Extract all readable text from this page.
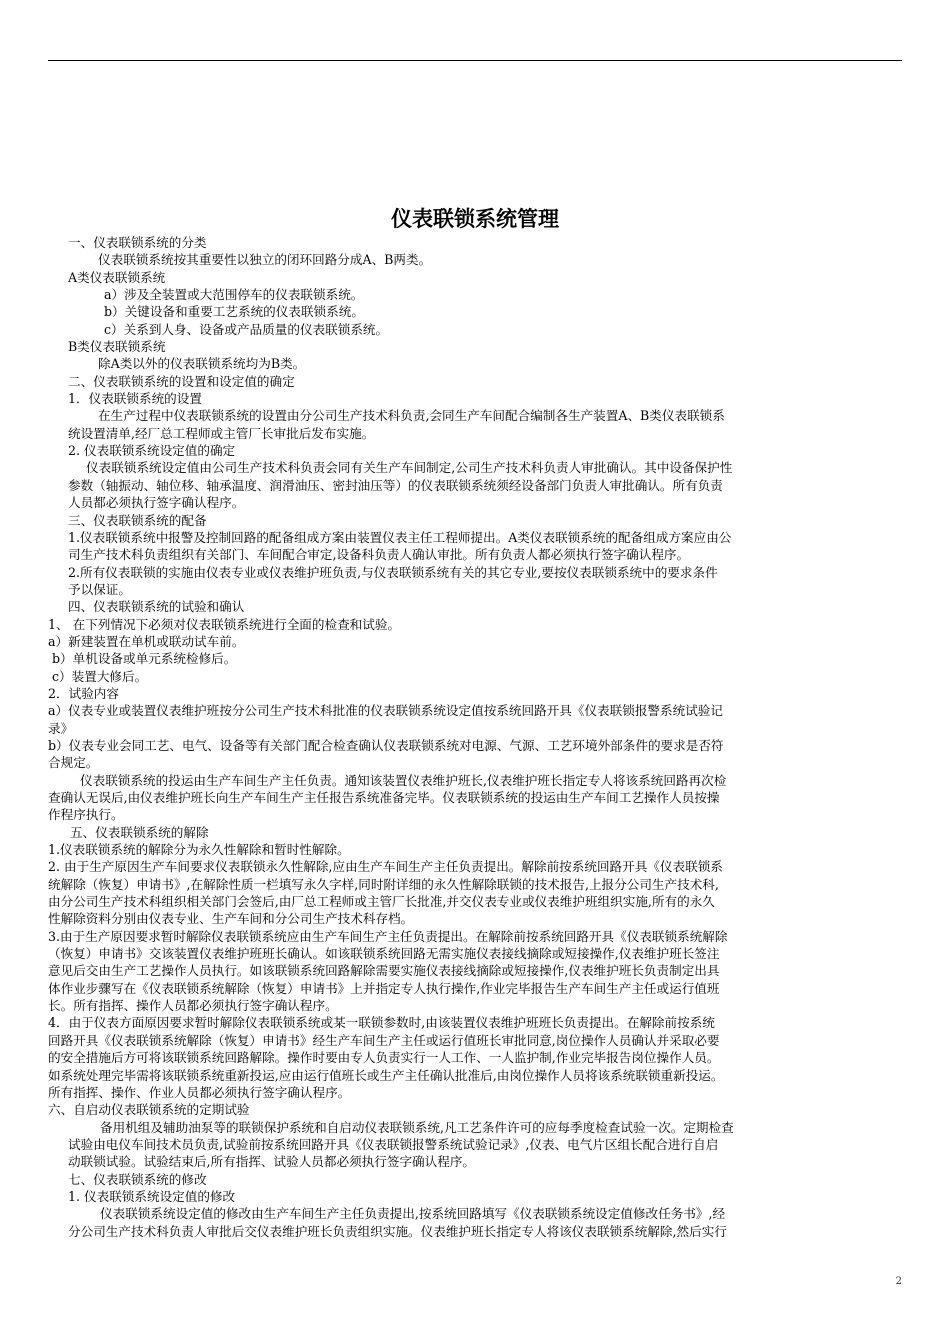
仪表联锁系统管理
一、仪表联锁系统的分类
仪表联锁系统按其重要性以独立的闭环回路分成A、B两类。
A类仪表联锁系统
a）涉及全装置或大范围停车的仪表联锁系统。
b）关键设备和重要工艺系统的仪表联锁系统。
c）关系到人身、设备或产品质量的仪表联锁系统。
B类仪表联锁系统
除A类以外的仪表联锁系统均为B类。
二、仪表联锁系统的设置和设定值的确定
1．仪表联锁系统的设置
在生产过程中仪表联锁系统的设置由分公司生产技术科负责,会同生产车间配合编制各生产装置A、B类仪表联锁系
统设置清单,经厂总工程师或主管厂长审批后发布实施。
2. 仪表联锁系统设定值的确定
仪表联锁系统设定值由公司生产技术科负责会同有关生产车间制定,公司生产技术科负责人审批确认。其中设备保护性
参数（轴振动、轴位移、轴承温度、润滑油压、密封油压等）的仪表联锁系统须经设备部门负责人审批确认。所有负责
人员都必须执行签字确认程序。
三、仪表联锁系统的配备
1.仪表联锁系统中报警及控制回路的配备组成方案由装置仪表主任工程师提出。A类仪表联锁系统的配备组成方案应由公
司生产技术科负责组织有关部门、车间配合审定,设备科负责人确认审批。所有负责人都必须执行签字确认程序。
2.所有仪表联锁的实施由仪表专业或仪表维护班负责,与仪表联锁系统有关的其它专业,要按仪表联锁系统中的要求条件
予以保证。
四、仪表联锁系统的试验和确认
1、 在下列情况下必须对仪表联锁系统进行全面的检查和试验。
a）新建装置在单机或联动试车前。
b）单机设备或单元系统检修后。
c）装置大修后。
2．试验内容
a）仪表专业或装置仪表维护班按分公司生产技术科批准的仪表联锁系统设定值按系统回路开具《仪表联锁报警系统试验记
录》
b）仪表专业会同工艺、电气、设备等有关部门配合检查确认仪表联锁系统对电源、气源、工艺环境外部条件的要求是否符
合规定。
仪表联锁系统的投运由生产车间生产主任负责。通知该装置仪表维护班长,仪表维护班长指定专人将该系统回路再次检
查确认无误后,由仪表维护班长向生产车间生产主任报告系统准备完毕。仪表联锁系统的投运由生产车间工艺操作人员按操
作程序执行。
五、仪表联锁系统的解除
1.仪表联锁系统的解除分为永久性解除和暂时性解除。
2. 由于生产原因生产车间要求仪表联锁永久性解除,应由生产车间生产主任负责提出。解除前按系统回路开具《仪表联锁系
统解除（恢复）申请书》,在解除性质一栏填写永久字样,同时附详细的永久性解除联锁的技术报告,上报分公司生产技术科,
由分公司生产技术科组织相关部门会签后,由厂总工程师或主管厂长批准,并交仪表专业或仪表维护班组织实施,所有的永久
性解除资料分别由仪表专业、生产车间和分公司生产技术科存档。
3.由于生产原因要求暂时解除仪表联锁系统应由生产车间生产主任负责提出。在解除前按系统回路开具《仪表联锁系统解除
（恢复）申请书》交该装置仪表维护班班长确认。如该联锁系统回路无需实施仪表接线摘除或短接操作,仪表维护班长签注
意见后交由生产工艺操作人员执行。如该联锁系统回路解除需要实施仪表接线摘除或短接操作,仪表维护班长负责制定出具
体作业步骤写在《仪表联锁系统解除（恢复）申请书》上并指定专人执行操作,作业完毕报告生产车间生产主任或运行值班
长。所有指挥、操作人员都必须执行签字确认程序。
4．由于仪表方面原因要求暂时解除仪表联锁系统或某一联锁参数时,由该装置仪表维护班班长负责提出。在解除前按系统
回路开具《仪表联锁系统解除（恢复）申请书》经生产车间生产主任或运行值班长审批同意,岗位操作人员确认并采取必要
的安全措施后方可将该联锁系统回路解除。操作时要由专人负责实行一人工作、一人监护制,作业完毕报告岗位操作人员。
如系统处理完毕需将该联锁系统重新投运,应由运行值班长或生产主任确认批准后,由岗位操作人员将该系统联锁重新投运。
所有指挥、操作、作业人员都必须执行签字确认程序。
六、自启动仪表联锁系统的定期试验
备用机组及辅助油泵等的联锁保护系统和自启动仪表联锁系统,凡工艺条件许可的应每季度检查试验一次。定期检查
试验由电仪车间技术员负责,试验前按系统回路开具《仪表联锁报警系统试验记录》,仪表、电气片区组长配合进行自启
动联锁试验。试验结束后,所有指挥、试验人员都必须执行签字确认程序。
七、仪表联锁系统的修改
1. 仪表联锁系统设定值的修改
仪表联锁系统设定值的修改由生产车间生产主任负责提出,按系统回路填写《仪表联锁系统设定值修改任务书》,经
分公司生产技术科负责人审批后交仪表维护班长负责组织实施。仪表维护班长指定专人将该仪表联锁系统解除,然后实行
2
